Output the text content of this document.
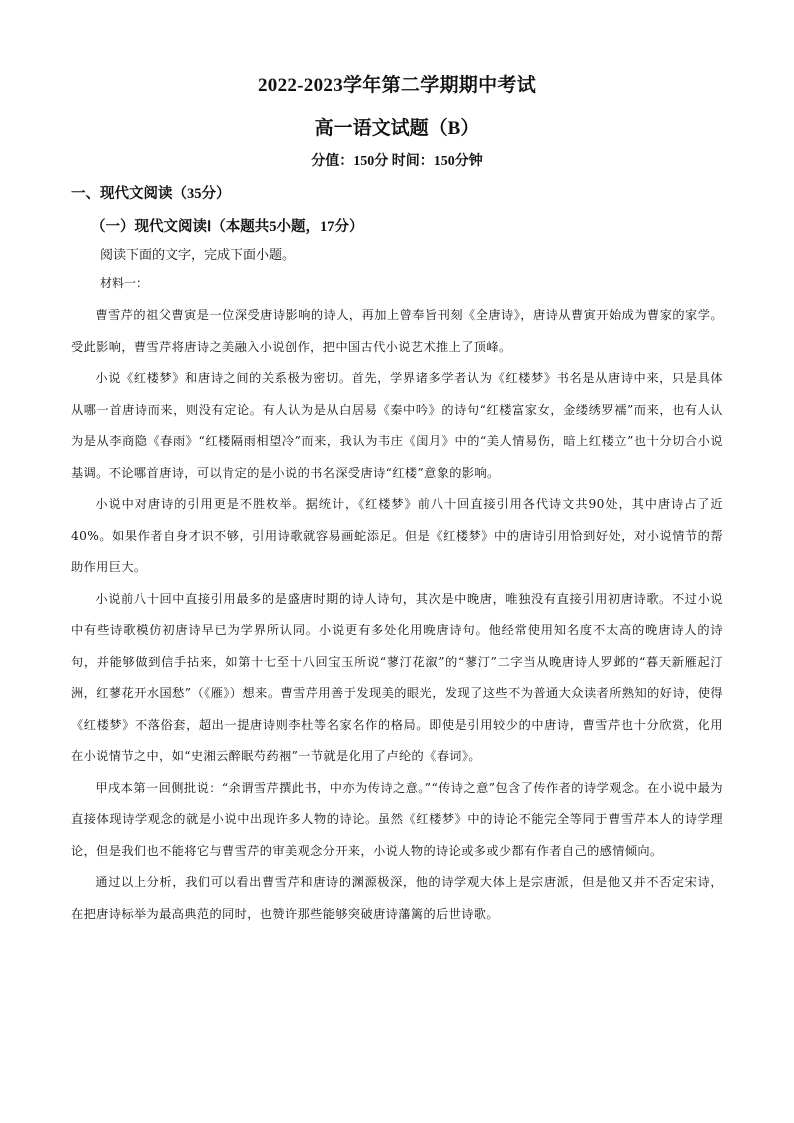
2022-2023学年第二学期期中考试
高一语文试题（B）
分值：150分 时间：150分钟
一、现代文阅读（35分）
（一）现代文阅读Ⅰ（本题共5小题，17分）
阅读下面的文字，完成下面小题。
材料一：

曹雪芹的祖父曹寅是一位深受唐诗影响的诗人，再加上曾奉旨刊刻《全唐诗》，唐诗从曹寅开始成为曹家的家学。受此影响，曹雪芹将唐诗之美融入小说创作，把中国古代小说艺术推上了顶峰。

小说《红楼梦》和唐诗之间的关系极为密切。首先，学界诸多学者认为《红楼梦》书名是从唐诗中来，只是具体从哪一首唐诗而来，则没有定论。有人认为是从白居易《秦中吟》的诗句“红楼富家女，金缕绣罗襦”而来，也有人认为是从李商隐《春雨》“红楼隔雨相望冷”而来，我认为韦庄《闺月》中的“美人情易伤，暗上红楼立”也十分切合小说基调。不论哪首唐诗，可以肯定的是小说的书名深受唐诗“红楼”意象的影响。

小说中对唐诗的引用更是不胜枚举。据统计，《红楼梦》前八十回直接引用各代诗文共90处，其中唐诗占了近40%。如果作者自身才识不够，引用诗歌就容易画蛇添足。但是《红楼梦》中的唐诗引用恰到好处，对小说情节的帮助作用巨大。

小说前八十回中直接引用最多的是盛唐时期的诗人诗句，其次是中晚唐，唯独没有直接引用初唐诗歌。不过小说中有些诗歌模仿初唐诗早已为学界所认同。小说更有多处化用晚唐诗句。他经常使用知名度不太高的晚唐诗人的诗句，并能够做到信手拈来，如第十七至十八回宝玉所说“蓼汀花溆”的“蓼汀”二字当从晚唐诗人罗邺的“暮天新雁起汀洲，红蓼花开水国愁”（《雁》）想来。曹雪芹用善于发现美的眼光，发现了这些不为普通大众读者所熟知的好诗，使得《红楼梦》不落俗套，超出一提唐诗则李杜等名家名作的格局。即使是引用较少的中唐诗，曹雪芹也十分欣赏，化用在小说情节之中，如“史湘云醉眠芍药裀”一节就是化用了卢纶的《春词》。

甲戌本第一回侧批说：“余谓雪芹撰此书，中亦为传诗之意。”“传诗之意”包含了传作者的诗学观念。在小说中最为直接体现诗学观念的就是小说中出现许多人物的诗论。虽然《红楼梦》中的诗论不能完全等同于曹雪芹本人的诗学理论，但是我们也不能将它与曹雪芹的审美观念分开来，小说人物的诗论或多或少都有作者自己的感情倾向。

通过以上分析，我们可以看出曹雪芹和唐诗的渊源极深，他的诗学观大体上是宗唐派，但是他又并不否定宋诗，在把唐诗标举为最高典范的同时，也赞许那些能够突破唐诗藩篱的后世诗歌。
